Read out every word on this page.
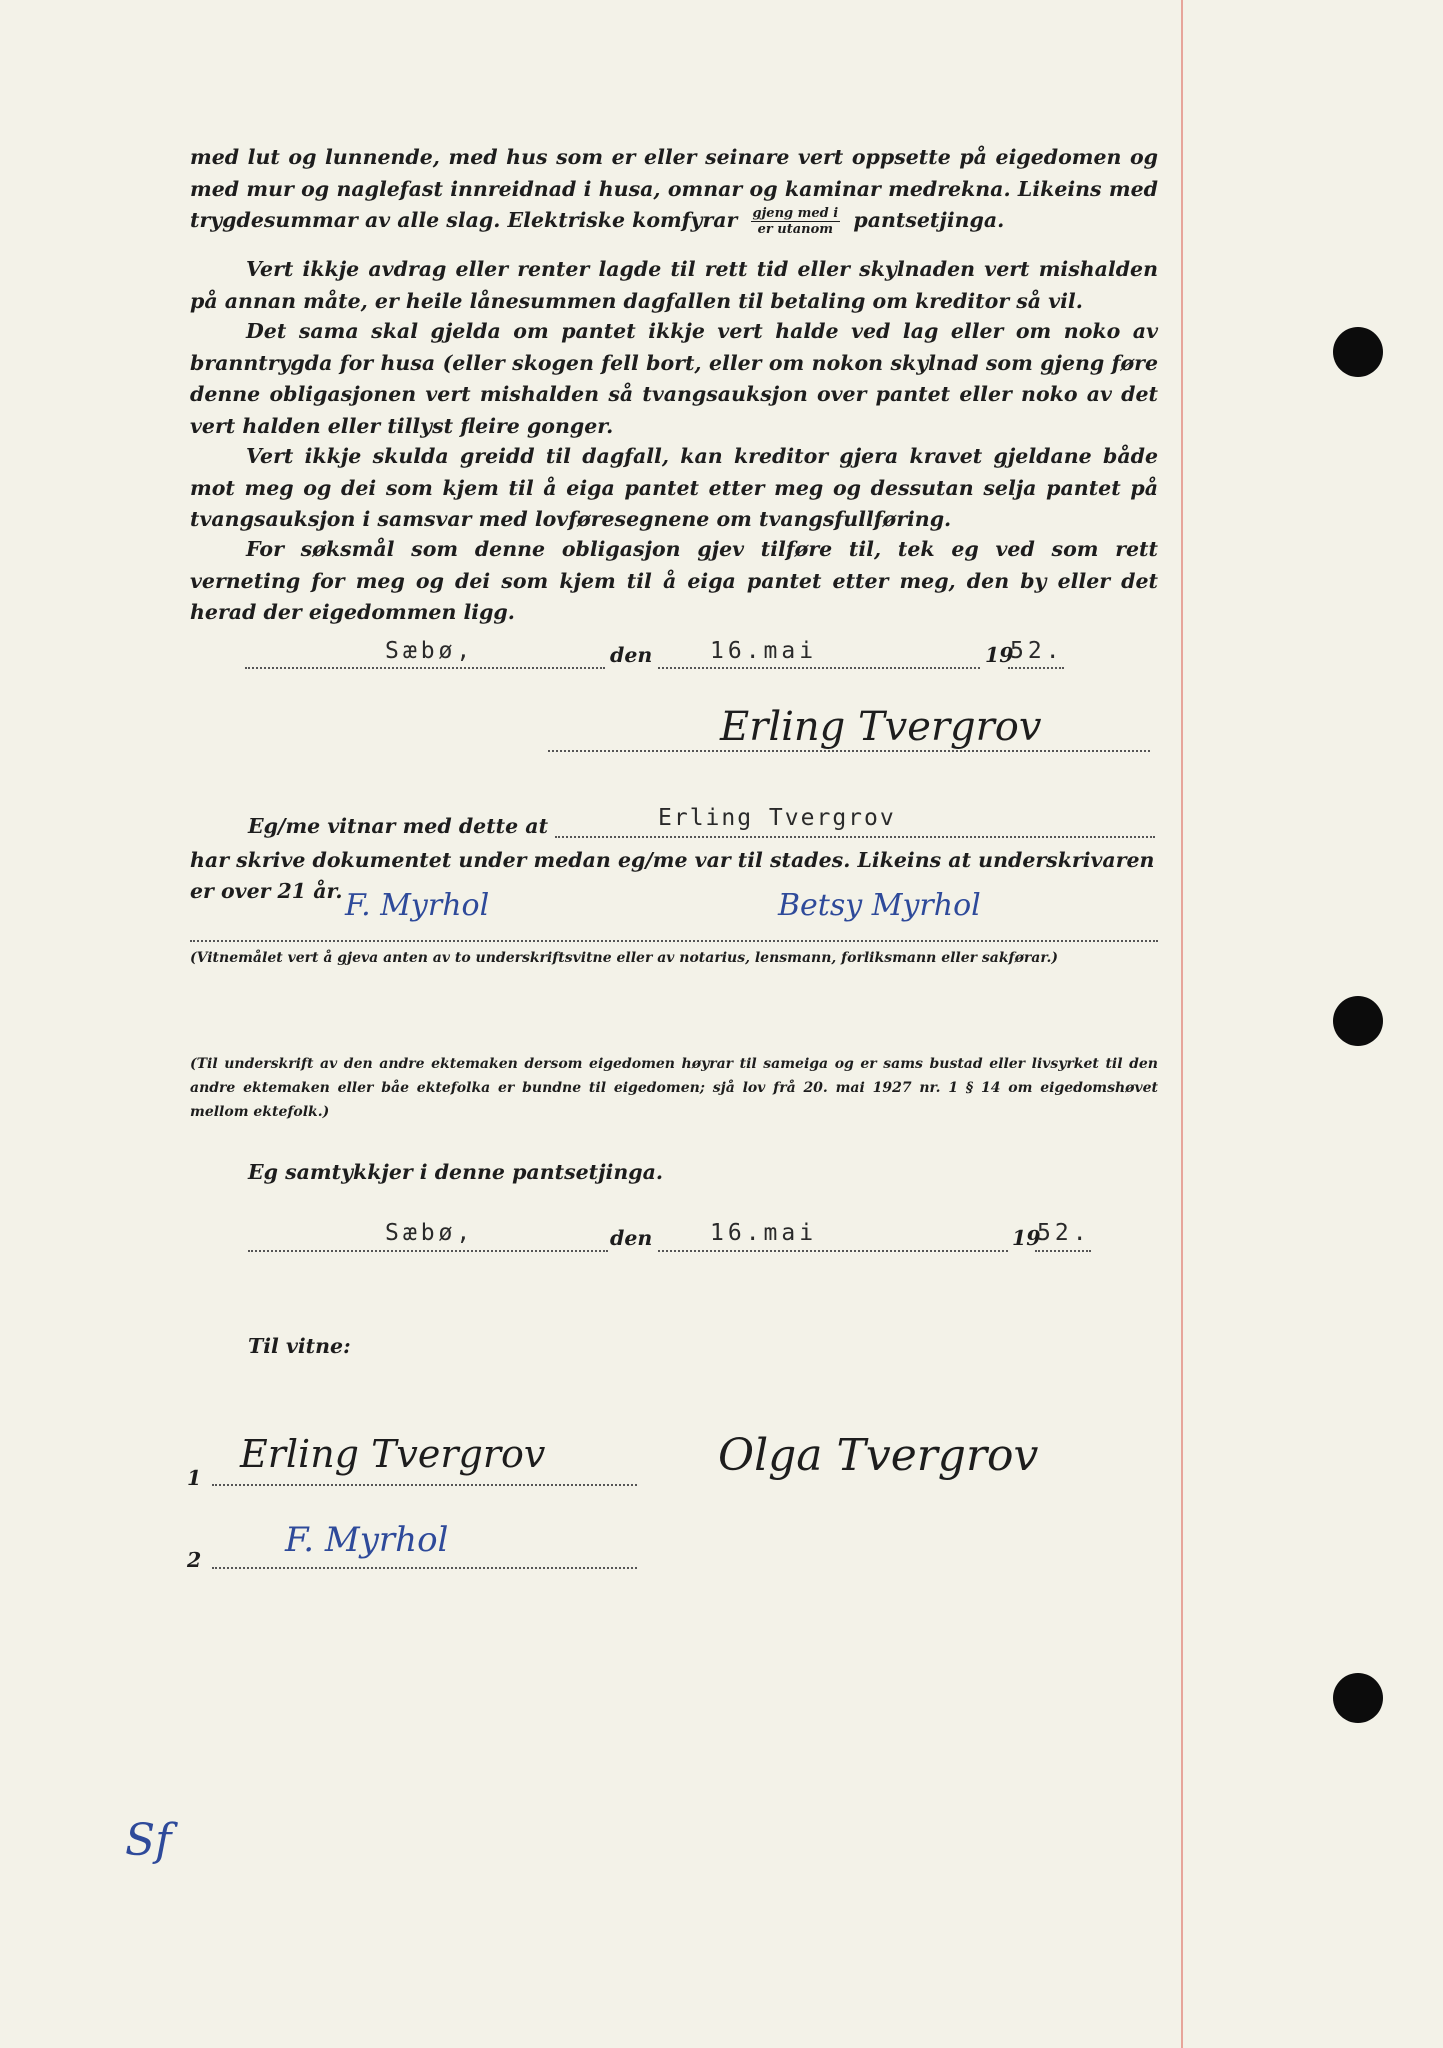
med lut og lunnende, med hus som er eller seinare vert oppsette på eigedomen og med mur og naglefast innreidnad i husa, omnar og kaminar medrekna. Likeins med trygdesummar av alle slag. Elektriske komfyrar $\frac{\text{gjeng med i}}{\text{er utanom}}$ pantsetjinga.

Vert ikkje avdrag eller renter lagde til rett tid eller skylnaden vert mishalden på annan måte, er heile lånesummen dagfallen til betaling om kreditor så vil.

Det sama skal gjelda om pantet ikkje vert halde ved lag eller om noko av branntrygda for husa (eller skogen fell bort, eller om nokon skylnad som gjeng føre denne obligasjonen vert mishalden så tvangsauksjon over pantet eller noko av det vert halden eller tillyst fleire gonger.

Vert ikkje skulda greidd til dagfall, kan kreditor gjera kravet gjeldane både mot meg og dei som kjem til å eiga pantet etter meg og dessutan selja pantet på tvangsauksjon i samsvar med lovføresegnene om tvangsfullføring.

For søksmål som denne obligasjon gjev tilføre til, tek eg ved som rett verneting for meg og dei som kjem til å eiga pantet etter meg, den by eller det herad der eigedommen ligg.

Sæbø,	den	16.mai	19
52.
Erling Tvergrov
Eg/me vitnar med dette at	Erling Tvergrov
har skrive dokumentet under medan eg/me var til stades. Likeins at underskrivaren
er over 21 år. F. Myrhol	Betsy Myrhol
(Vitnemålet vert å gjeva anten av to underskriftsvitne eller av notarius, lensmann, forliksmann eller sakførar.)
(Til underskrift av den andre ektemaken dersom eigedomen høyrar til sameiga og er sams bustad eller livsyrket til den andre ektemaken eller båe ektefolka er bundne til eigedomen; sjå lov frå 20. mai 1927 nr. 1 § 14 om eigedomshøvet mellom ektefolk.)
Eg samtykkjer i denne pantsetjinga.
Sæbø,	den	16.mai	19
52.
Til vitne:
1
Erling Tvergrov
2 F. Myrhol
Olga Tvergrov
Sf
